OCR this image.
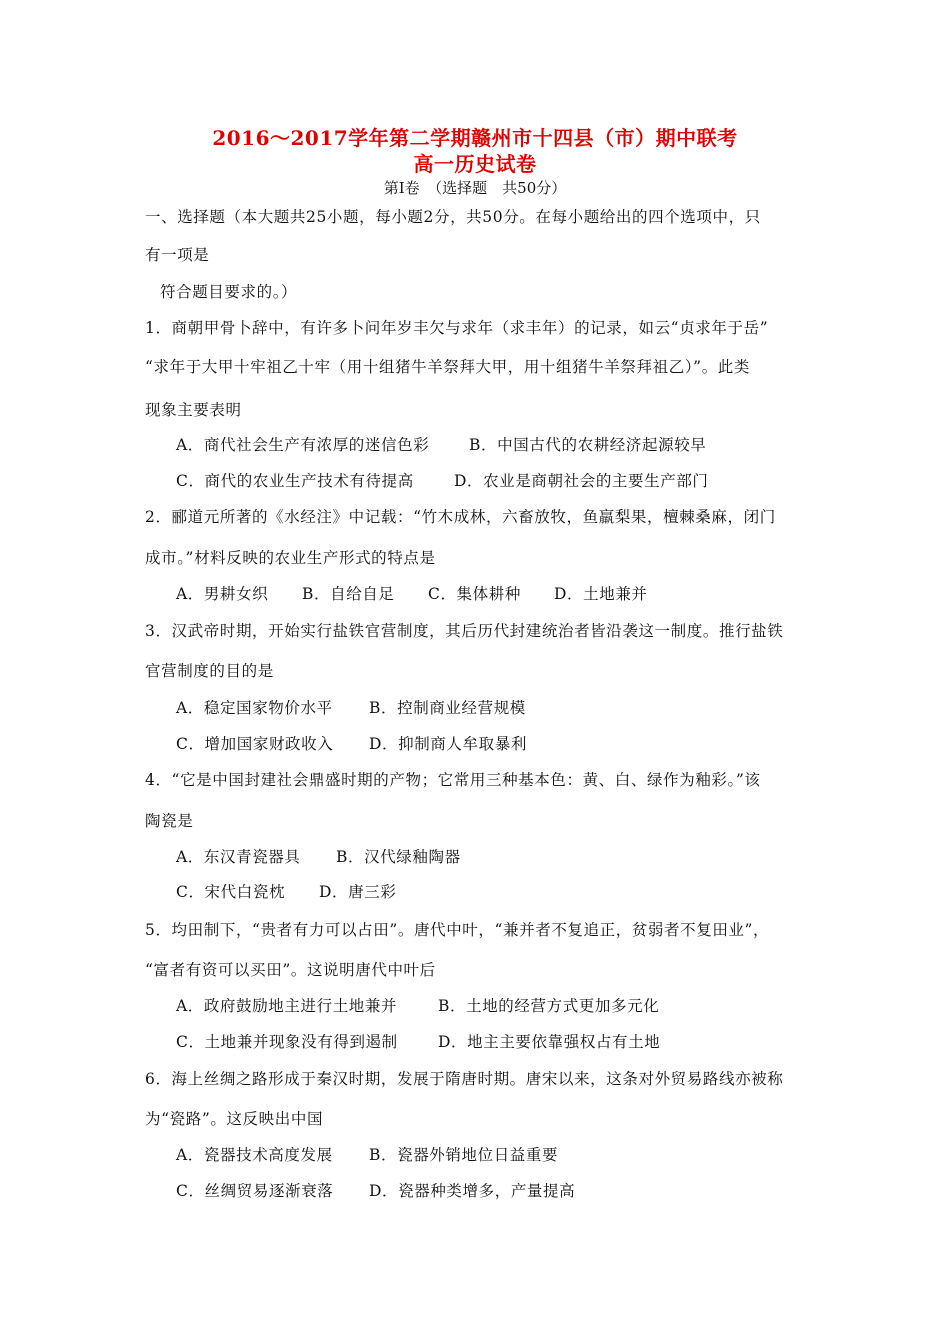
2016～2017学年第二学期赣州市十四县（市）期中联考
高一历史试卷
第Ⅰ卷　（选择题　共50分）
一、选择题（本大题共25小题，每小题2分，共50分。在每小题给出的四个选项中，只
有一项是
符合题目要求的。）
1．商朝甲骨卜辞中，有许多卜问年岁丰欠与求年（求丰年）的记录，如云“贞求年于岳”
“求年于大甲十牢祖乙十牢（用十组猪牛羊祭拜大甲，用十组猪牛羊祭拜祖乙）”。此类
现象主要表明
A．商代社会生产有浓厚的迷信色彩	B．中国古代的农耕经济起源较早
C．商代的农业生产技术有待提高	D．农业是商朝社会的主要生产部门
2．郦道元所著的《水经注》中记载：“竹木成林，六畜放牧，鱼羸梨果，檀棘桑麻，闭门
成市。”材料反映的农业生产形式的特点是
A．男耕女织 B．自给自足 C．集体耕种 D．土地兼并
3．汉武帝时期，开始实行盐铁官营制度，其后历代封建统治者皆沿袭这一制度。推行盐铁
官营制度的目的是
A．稳定国家物价水平 B．控制商业经营规模
C．增加国家财政收入 D．抑制商人牟取暴利
4．“它是中国封建社会鼎盛时期的产物；它常用三种基本色：黄、白、绿作为釉彩。”该
陶瓷是
A．东汉青瓷器具 B．汉代绿釉陶器
C．宋代白瓷枕 D．唐三彩
5．均田制下，“贵者有力可以占田”。唐代中叶，“兼并者不复追正，贫弱者不复田业”，
“富者有资可以买田”。这说明唐代中叶后
A．政府鼓励地主进行土地兼并	B．土地的经营方式更加多元化
C．土地兼并现象没有得到遏制	D．地主主要依靠强权占有土地
6．海上丝绸之路形成于秦汉时期，发展于隋唐时期。唐宋以来，这条对外贸易路线亦被称
为“瓷路”。这反映出中国
A．瓷器技术高度发展 B．瓷器外销地位日益重要
C．丝绸贸易逐渐衰落 D．瓷器种类增多，产量提高
